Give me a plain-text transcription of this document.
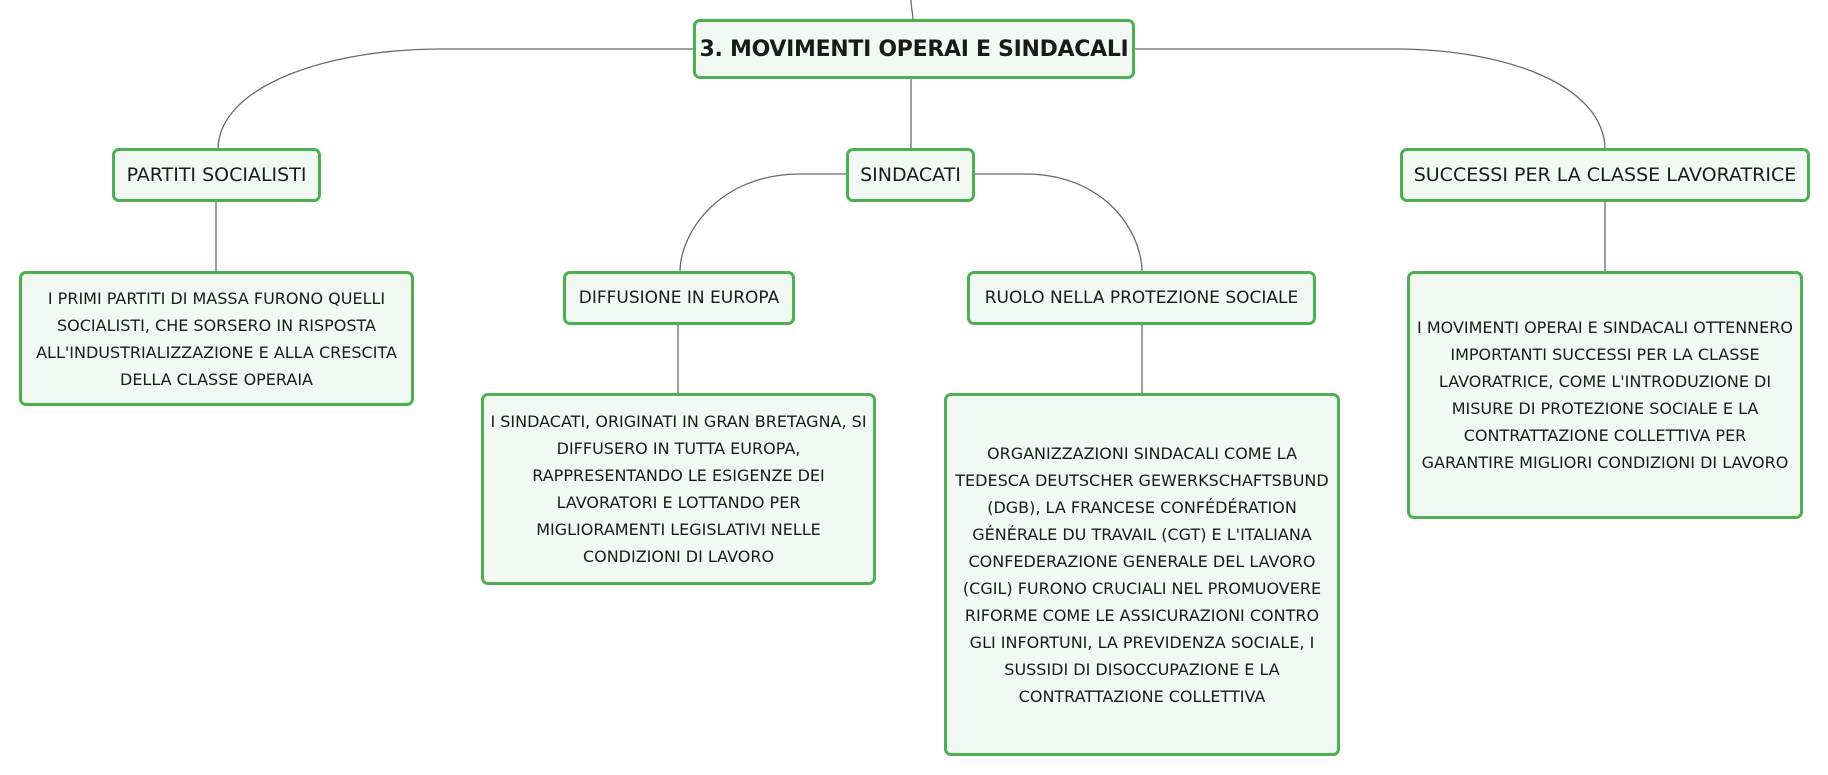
3. MOVIMENTI OPERAI E SINDACALI
PARTITI SOCIALISTI	SINDACATI	SUCCESSI PER LA CLASSE LAVORATRICE
DIFFUSIONE IN EUROPA	RUOLO NELLA PROTEZIONE SOCIALE
I PRIMI PARTITI DI MASSA FURONO QUELLI SOCIALISTI, CHE SORSERO IN RISPOSTA ALL'INDUSTRIALIZZAZIONE E ALLA CRESCITA DELLA CLASSE OPERAIA
I SINDACATI, ORIGINATI IN GRAN BRETAGNA, SI DIFFUSERO IN TUTTA EUROPA, RAPPRESENTANDO LE ESIGENZE DEI LAVORATORI E LOTTANDO PER MIGLIORAMENTI LEGISLATIVI NELLE CONDIZIONI DI LAVORO
ORGANIZZAZIONI SINDACALI COME LA TEDESCA DEUTSCHER GEWERKSCHAFTSBUND (DGB), LA FRANCESE CONFÉDÉRATION GÉNÉRALE DU TRAVAIL (CGT) E L'ITALIANA CONFEDERAZIONE GENERALE DEL LAVORO (CGIL) FURONO CRUCIALI NEL PROMUOVERE RIFORME COME LE ASSICURAZIONI CONTRO GLI INFORTUNI, LA PREVIDENZA SOCIALE, I SUSSIDI DI DISOCCUPAZIONE E LA CONTRATTAZIONE COLLETTIVA
I MOVIMENTI OPERAI E SINDACALI OTTENNERO IMPORTANTI SUCCESSI PER LA CLASSE LAVORATRICE, COME L'INTRODUZIONE DI MISURE DI PROTEZIONE SOCIALE E LA CONTRATTAZIONE COLLETTIVA PER GARANTIRE MIGLIORI CONDIZIONI DI LAVORO
